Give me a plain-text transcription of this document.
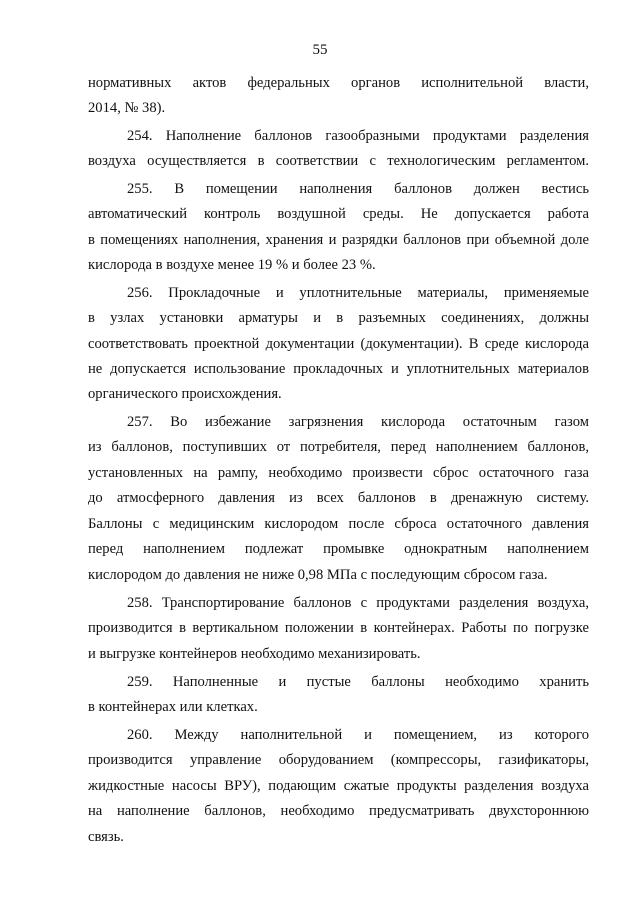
55
нормативных актов федеральных органов исполнительной власти,
2014, № 38).
254. Наполнение баллонов газообразными продуктами разделения
воздуха осуществляется в соответствии с технологическим регламентом.
255. В помещении наполнения баллонов должен вестись
автоматический контроль воздушной среды. Не допускается работа
в помещениях наполнения, хранения и разрядки баллонов при объемной доле
кислорода в воздухе менее 19 % и более 23 %.
256. Прокладочные и уплотнительные материалы, применяемые
в узлах установки арматуры и в разъемных соединениях, должны
соответствовать проектной документации (документации). В среде кислорода
не допускается использование прокладочных и уплотнительных материалов
органического происхождения.
257. Во избежание загрязнения кислорода остаточным газом
из баллонов, поступивших от потребителя, перед наполнением баллонов,
установленных на рампу, необходимо произвести сброс остаточного газа
до атмосферного давления из всех баллонов в дренажную систему.
Баллоны с медицинским кислородом после сброса остаточного давления
перед наполнением подлежат промывке однократным наполнением
кислородом до давления не ниже 0,98 МПа с последующим сбросом газа.
258. Транспортирование баллонов с продуктами разделения воздуха,
производится в вертикальном положении в контейнерах. Работы по погрузке
и выгрузке контейнеров необходимо механизировать.
259. Наполненные и пустые баллоны необходимо хранить
в контейнерах или клетках.
260. Между наполнительной и помещением, из которого
производится управление оборудованием (компрессоры, газификаторы,
жидкостные насосы ВРУ), подающим сжатые продукты разделения воздуха
на наполнение баллонов, необходимо предусматривать двухстороннюю
связь.
